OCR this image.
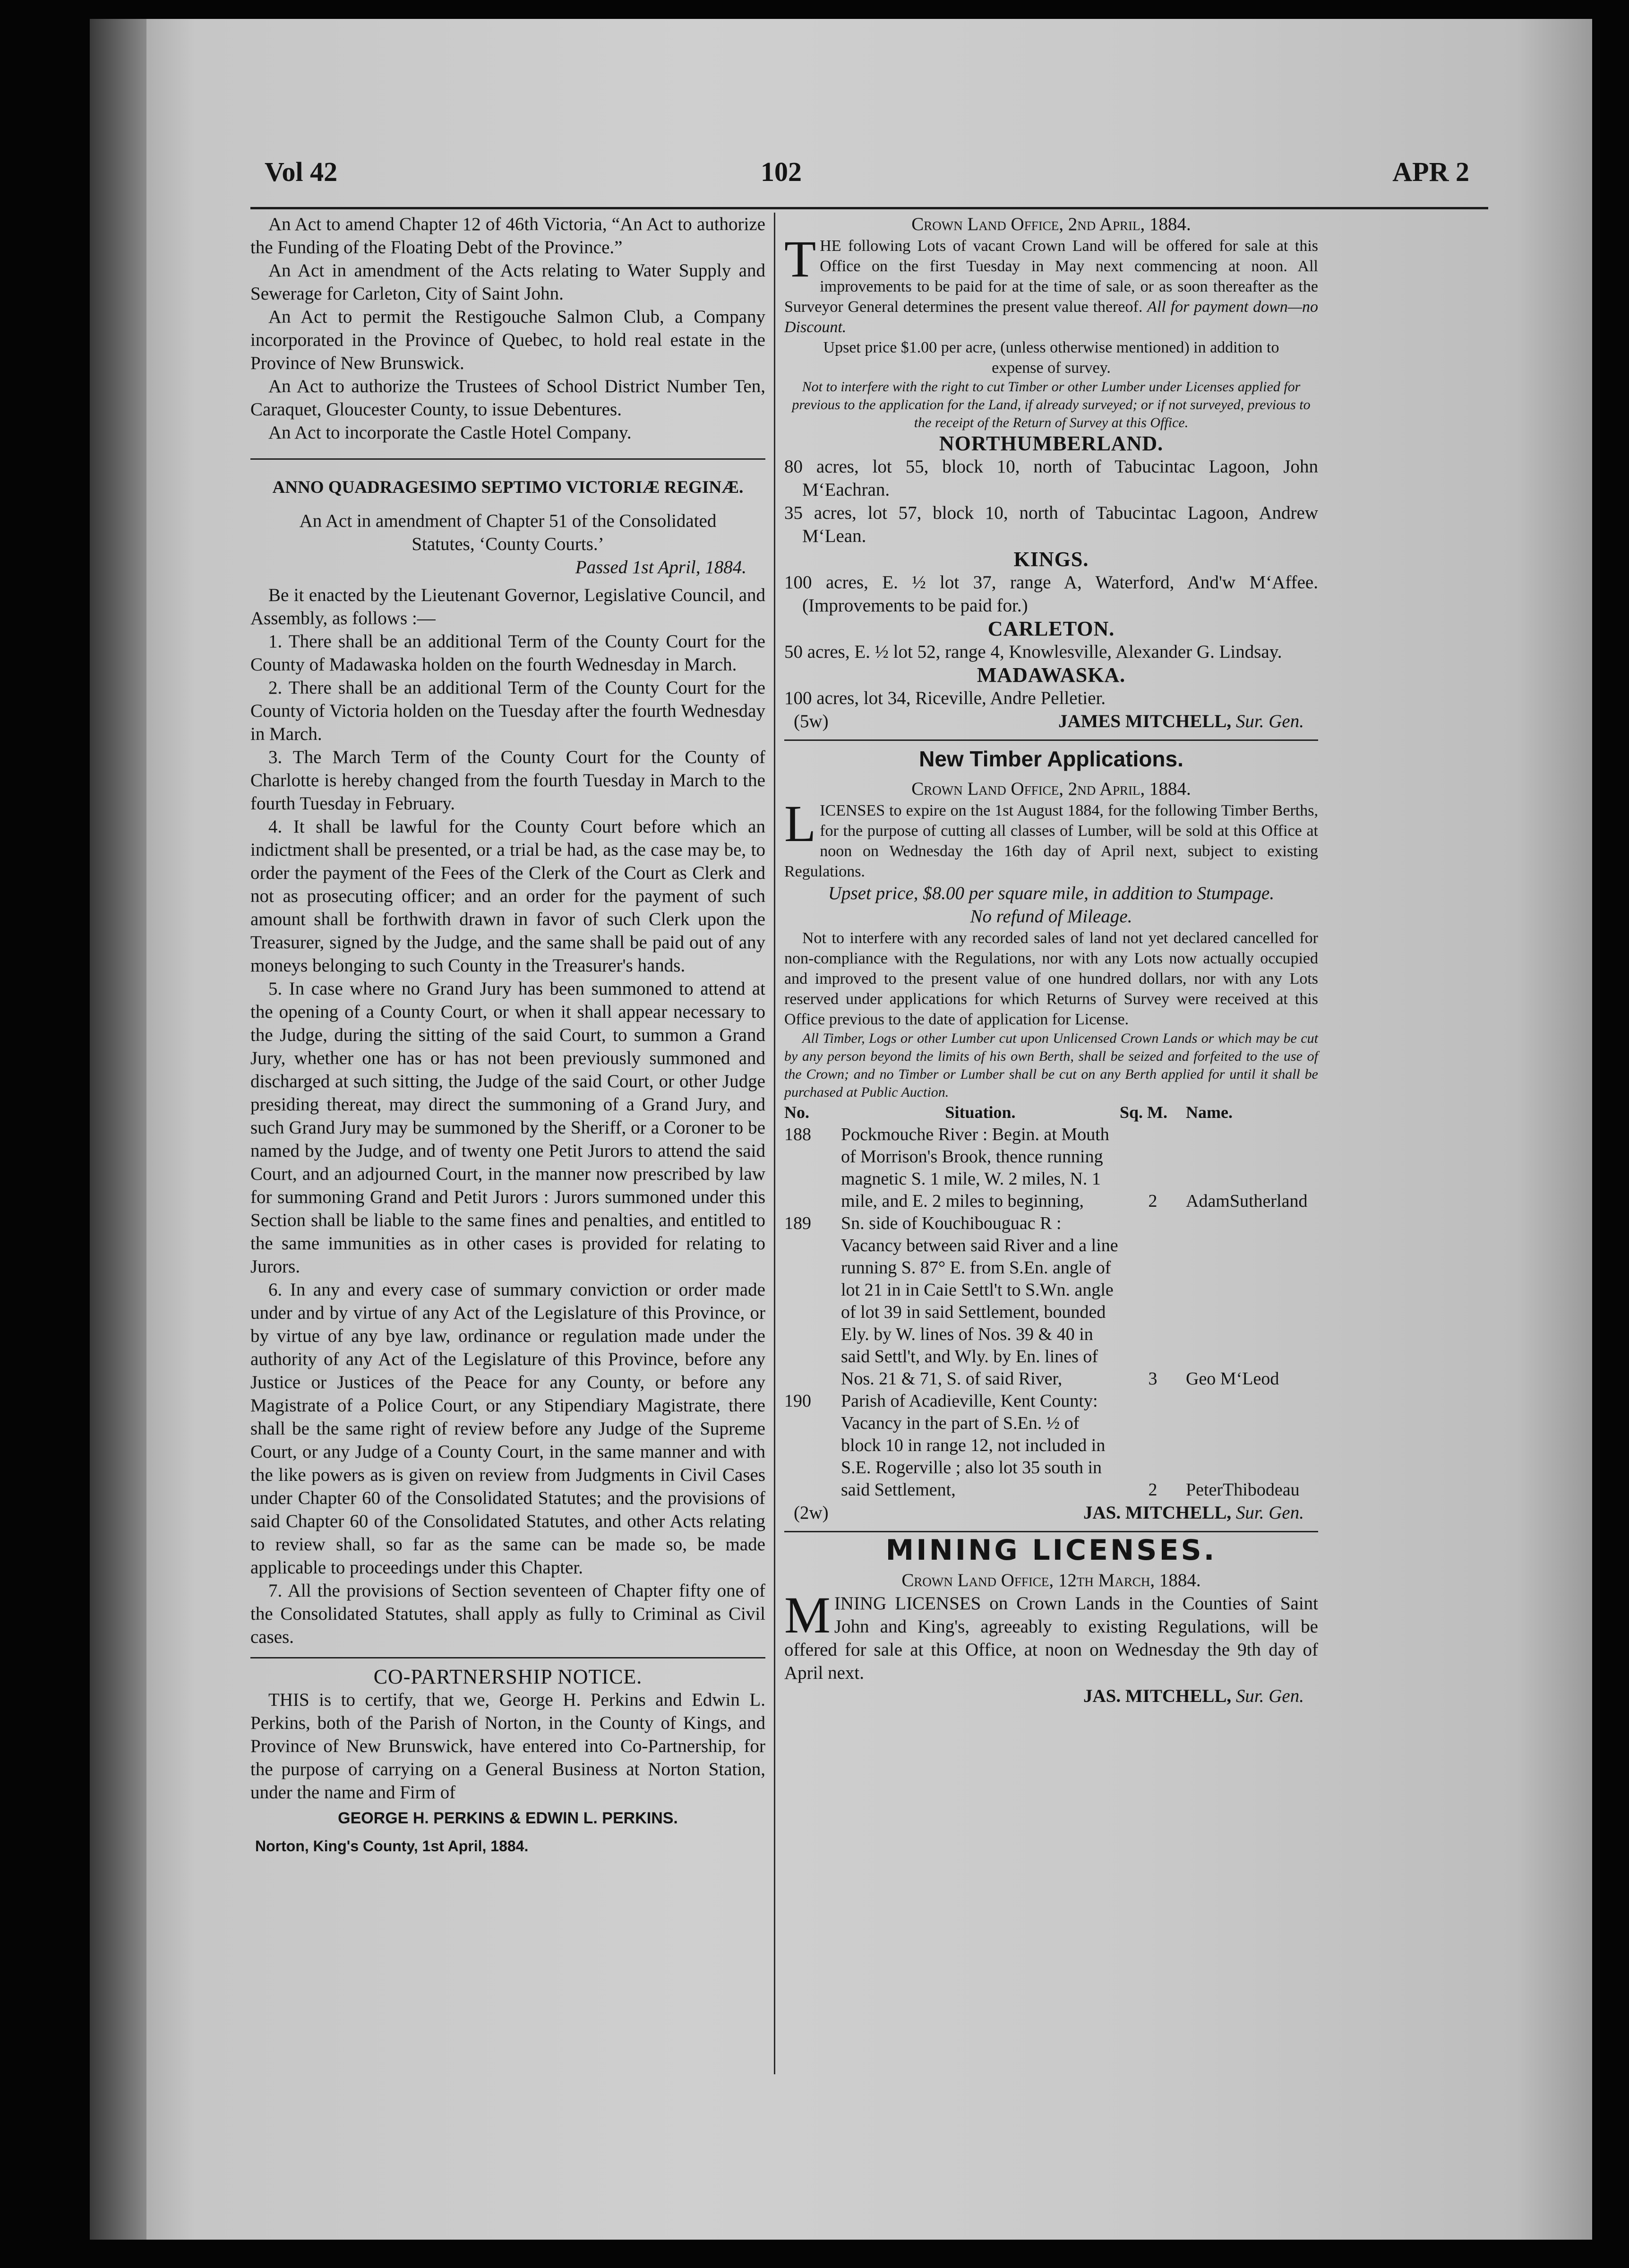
Vol 42	102	APR 2

An Act to amend Chapter 12 of 46th Victoria, “An Act to authorize the Funding of the Floating Debt of the Province.”

An Act in amendment of the Acts relating to Water Supply and Sewerage for Carleton, City of Saint John.

An Act to permit the Restigouche Salmon Club, a Company incorporated in the Province of Quebec, to hold real estate in the Province of New Brunswick.

An Act to authorize the Trustees of School District Number Ten, Caraquet, Gloucester County, to issue Debentures.

An Act to incorporate the Castle Hotel Company.

ANNO QUADRAGESIMO SEPTIMO VICTORIÆ REGINÆ.

An Act in amendment of Chapter 51 of the Consolidated Statutes, ‘County Courts.’

Passed 1st April, 1884.

Be it enacted by the Lieutenant Governor, Legislative Council, and Assembly, as follows :—

1. There shall be an additional Term of the County Court for the County of Madawaska holden on the fourth Wednesday in March.

2. There shall be an additional Term of the County Court for the County of Victoria holden on the Tuesday after the fourth Wednesday in March.

3. The March Term of the County Court for the County of Charlotte is hereby changed from the fourth Tuesday in March to the fourth Tuesday in February.

4. It shall be lawful for the County Court before which an indictment shall be presented, or a trial be had, as the case may be, to order the payment of the Fees of the Clerk of the Court as Clerk and not as prosecuting officer; and an order for the payment of such amount shall be forthwith drawn in favor of such Clerk upon the Treasurer, signed by the Judge, and the same shall be paid out of any moneys belonging to such County in the Treasurer's hands.

5. In case where no Grand Jury has been summoned to attend at the opening of a County Court, or when it shall appear necessary to the Judge, during the sitting of the said Court, to summon a Grand Jury, whether one has or has not been previously summoned and discharged at such sitting, the Judge of the said Court, or other Judge presiding thereat, may direct the summoning of a Grand Jury, and such Grand Jury may be summoned by the Sheriff, or a Coroner to be named by the Judge, and of twenty one Petit Jurors to attend the said Court, and an adjourned Court, in the manner now prescribed by law for summoning Grand and Petit Jurors : Jurors summoned under this Section shall be liable to the same fines and penalties, and entitled to the same immunities as in other cases is provided for relating to Jurors.

6. In any and every case of summary conviction or order made under and by virtue of any Act of the Legislature of this Province, or by virtue of any bye law, ordinance or regulation made under the authority of any Act of the Legislature of this Province, before any Justice or Justices of the Peace for any County, or before any Magistrate of a Police Court, or any Stipendiary Magistrate, there shall be the same right of review before any Judge of the Supreme Court, or any Judge of a County Court, in the same manner and with the like powers as is given on review from Judgments in Civil Cases under Chapter 60 of the Consolidated Statutes; and the provisions of said Chapter 60 of the Consolidated Statutes, and other Acts relating to review shall, so far as the same can be made so, be made applicable to proceedings under this Chapter.

7. All the provisions of Section seventeen of Chapter fifty one of the Consolidated Statutes, shall apply as fully to Criminal as Civil cases.

CO-PARTNERSHIP NOTICE.

THIS is to certify, that we, George H. Perkins and Edwin L. Perkins, both of the Parish of Norton, in the County of Kings, and Province of New Brunswick, have entered into Co-Partnership, for the purpose of carrying on a General Business at Norton Station, under the name and Firm of

GEORGE H. PERKINS & EDWIN L. PERKINS.

Norton, King's County, 1st April, 1884.

Crown Land Office, 2nd April, 1884.

THE following Lots of vacant Crown Land will be offered for sale at this Office on the first Tuesday in May next commencing at noon. All improvements to be paid for at the time of sale, or as soon thereafter as the Surveyor General determines the present value thereof. All for payment down—no Discount.

Upset price $1.00 per acre, (unless otherwise mentioned) in addition to expense of survey.

Not to interfere with the right to cut Timber or other Lumber under Licenses applied for previous to the application for the Land, if already surveyed; or if not surveyed, previous to the receipt of the Return of Survey at this Office.

NORTHUMBERLAND.

80 acres, lot 55, block 10, north of Tabucintac Lagoon, John M‘Eachran.

35 acres, lot 57, block 10, north of Tabucintac Lagoon, Andrew M‘Lean.

KINGS.

100 acres, E. ½ lot 37, range A, Waterford, And'w M‘Affee. (Improvements to be paid for.)

CARLETON.

50 acres, E. ½ lot 52, range 4, Knowlesville, Alexander G. Lindsay.

MADAWASKA.

100 acres, lot 34, Riceville, Andre Pelletier.

(5w)	JAMES MITCHELL, Sur. Gen.

New Timber Applications.

Crown Land Office, 2nd April, 1884.

LICENSES to expire on the 1st August 1884, for the following Timber Berths, for the purpose of cutting all classes of Lumber, will be sold at this Office at noon on Wednesday the 16th day of April next, subject to existing Regulations.

Upset price, $8.00 per square mile, in addition to Stumpage.

No refund of Mileage.

Not to interfere with any recorded sales of land not yet declared cancelled for non-compliance with the Regulations, nor with any Lots now actually occupied and improved to the present value of one hundred dollars, nor with any Lots reserved under applications for which Returns of Survey were received at this Office previous to the date of application for License.

All Timber, Logs or other Lumber cut upon Unlicensed Crown Lands or which may be cut by any person beyond the limits of his own Berth, shall be seized and forfeited to the use of the Crown; and no Timber or Lumber shall be cut on any Berth applied for until it shall be purchased at Public Auction.

No.	Situation.	Sq. M.	Name.
188	Pockmouche River : Begin. at Mouth of Morrison's Brook, thence running magnetic S. 1 mile, W. 2 miles, N. 1 mile, and E. 2 miles to beginning,	2	AdamSutherland
189	Sn. side of Kouchibouguac R : Vacancy between said River and a line running S. 87° E. from S.En. angle of lot 21 in in Caie Settl't to S.Wn. angle of lot 39 in said Settlement, bounded Ely. by W. lines of Nos. 39 & 40 in said Settl't, and Wly. by En. lines of Nos. 21 & 71, S. of said River,	3	Geo M‘Leod
190	Parish of Acadieville, Kent County: Vacancy in the part of S.En. ½ of block 10 in range 12, not included in S.E. Rogerville ; also lot 35 south in said Settlement,	2	PeterThibodeau

(2w)	JAS. MITCHELL, Sur. Gen.

MINING LICENSES.

Crown Land Office, 12th March, 1884.

MINING LICENSES on Crown Lands in the Counties of Saint John and King's, agreeably to existing Regulations, will be offered for sale at this Office, at noon on Wednesday the 9th day of April next.

JAS. MITCHELL, Sur. Gen.
